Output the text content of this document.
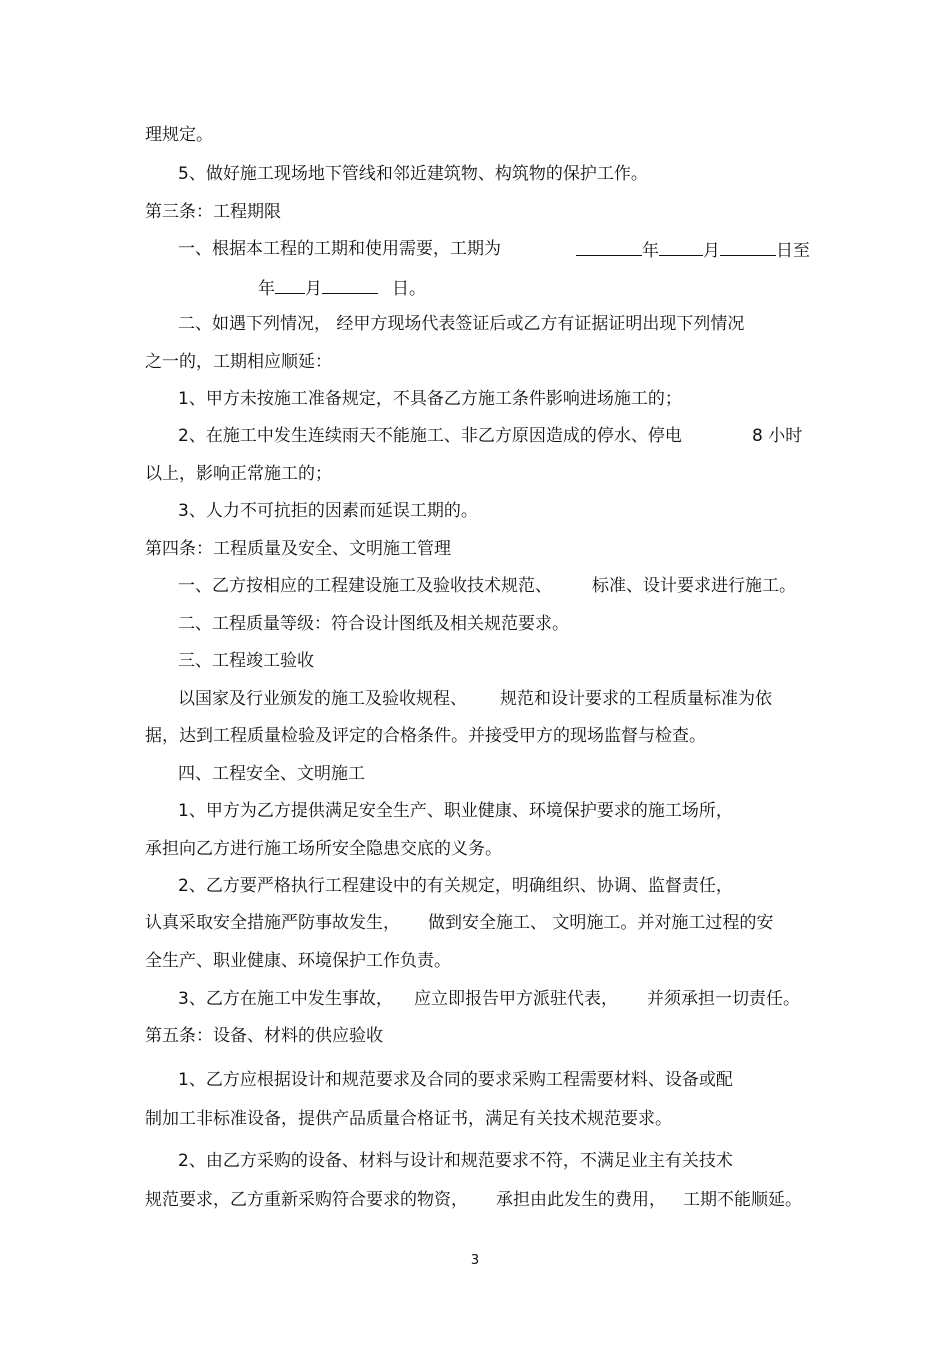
理规定。
5、做好施工现场地下管线和邻近建筑物、构筑物的保护工作。
第三条：工程期限
一、根据本工程的工期和使用需要，工期为	年	月	日至
年 月	日。
二、如遇下列情况， 经甲方现场代表签证后或乙方有证据证明出现下列情况
之一的，工期相应顺延：
1、甲方未按施工准备规定，不具备乙方施工条件影响进场施工的；
2、在施工中发生连续雨天不能施工、非乙方原因造成的停水、停电	8 小时
以上，影响正常施工的；
3、人力不可抗拒的因素而延误工期的。
第四条：工程质量及安全、文明施工管理
一、乙方按相应的工程建设施工及验收技术规范、 标准、设计要求进行施工。
二、工程质量等级：符合设计图纸及相关规范要求。
三、工程竣工验收
以国家及行业颁发的施工及验收规程、 规范和设计要求的工程质量标准为依
据，达到工程质量检验及评定的合格条件。并接受甲方的现场监督与检查。
四、工程安全、文明施工
1、甲方为乙方提供满足安全生产、职业健康、环境保护要求的施工场所，
承担向乙方进行施工场所安全隐患交底的义务。
2、乙方要严格执行工程建设中的有关规定，明确组织、协调、监督责任，
认真采取安全措施严防事故发生， 做到安全施工、 文明施工。并对施工过程的安
全生产、职业健康、环境保护工作负责。
3、乙方在施工中发生事故， 应立即报告甲方派驻代表， 并须承担一切责任。
第五条：设备、材料的供应验收
1、乙方应根据设计和规范要求及合同的要求采购工程需要材料、设备或配
制加工非标准设备，提供产品质量合格证书，满足有关技术规范要求。
2、由乙方采购的设备、材料与设计和规范要求不符，不满足业主有关技术
规范要求，乙方重新采购符合要求的物资， 承担由此发生的费用， 工期不能顺延。
3
